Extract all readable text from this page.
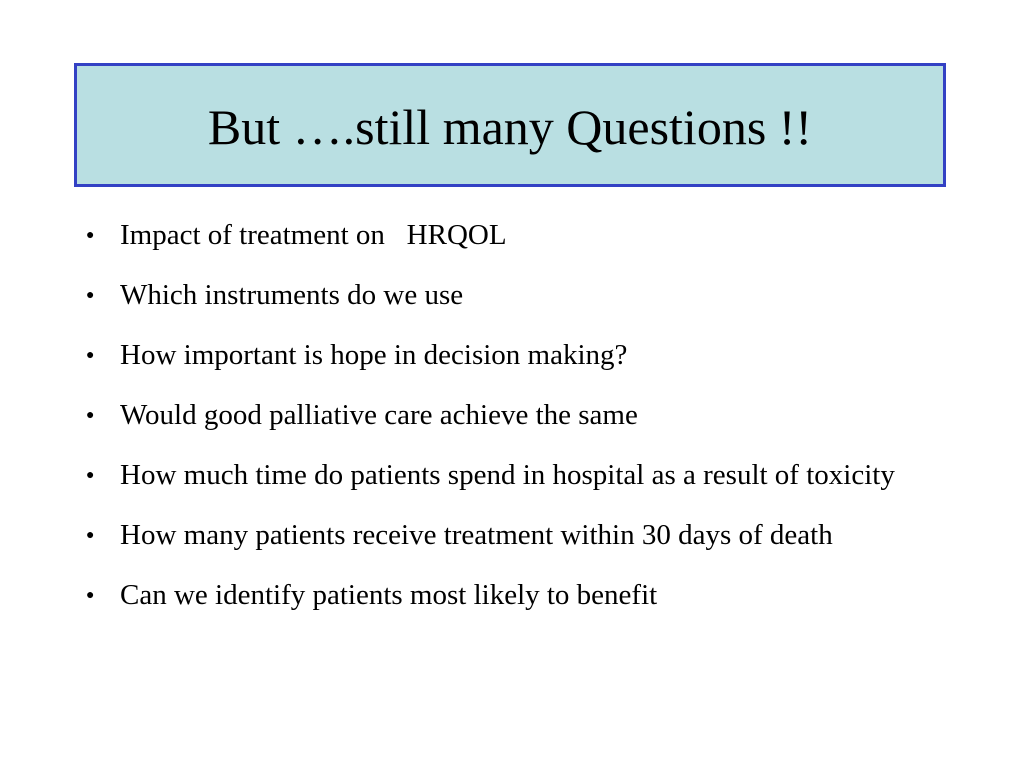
But ….still many Questions !!
● Impact of treatment on   HRQOL
● Which instruments do we use
● How important is hope in decision making?
● Would good palliative care achieve the same
● How much time do patients spend in hospital as a result of toxicity
● How many patients receive treatment within 30 days of death
● Can we identify patients most likely to benefit
